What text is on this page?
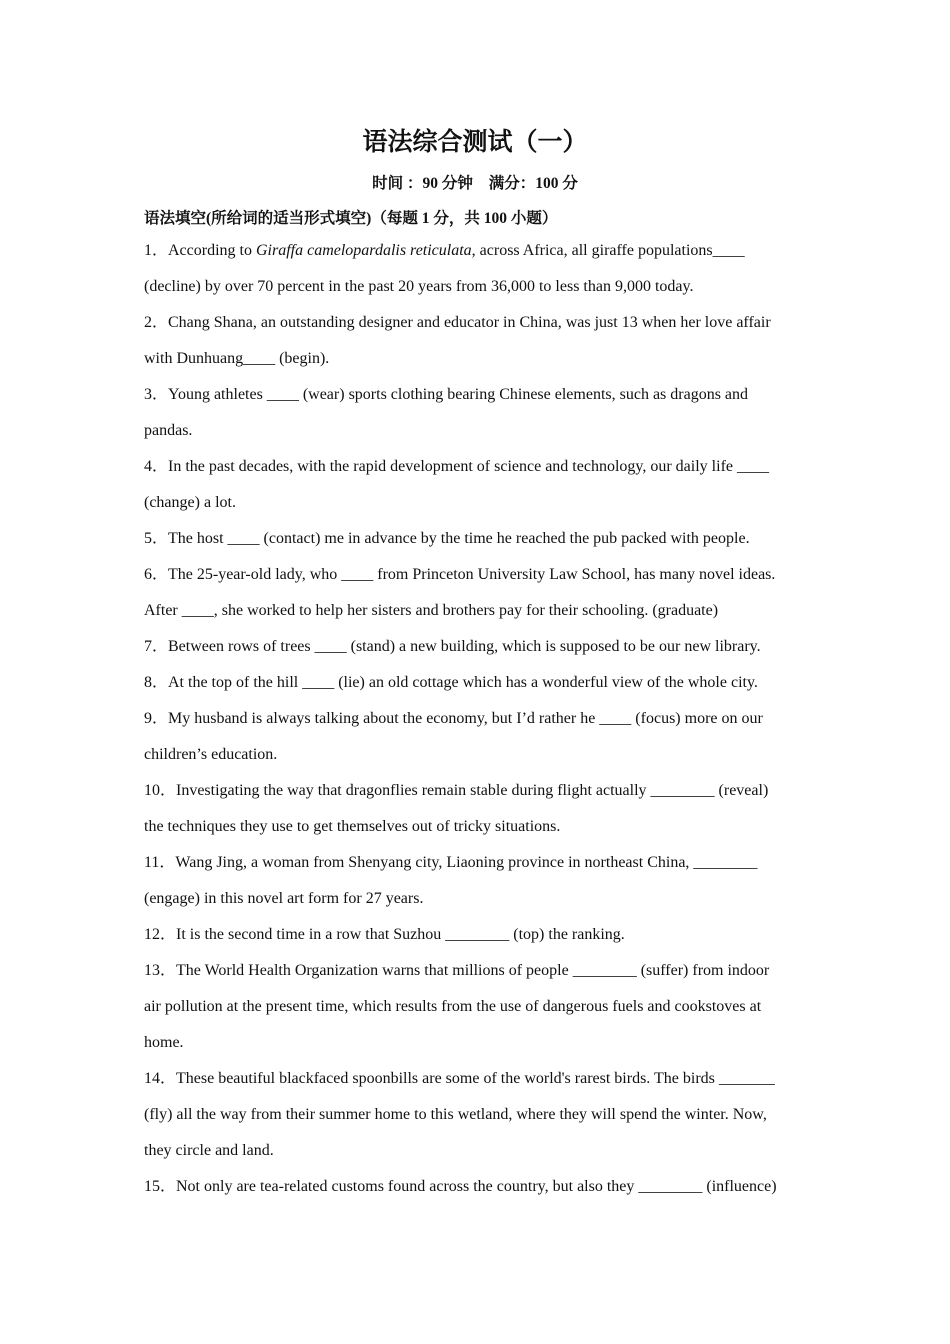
语法综合测试（一）
时间 ：90 分钟 满分：100 分
语法填空(所给词的适当形式填空)（每题 1 分，共 100 小题）
1．According to Giraffa camelopardalis reticulata, across Africa, all giraffe populations____
(decline) by over 70 percent in the past 20 years from 36,000 to less than 9,000 today.
2．Chang Shana, an outstanding designer and educator in China, was just 13 when her love affair
with Dunhuang____ (begin).
3．Young athletes ____ (wear) sports clothing bearing Chinese elements, such as dragons and
pandas.
4．In the past decades, with the rapid development of science and technology, our daily life ____
(change) a lot.
5．The host ____ (contact) me in advance by the time he reached the pub packed with people.
6．The 25-year-old lady, who ____ from Princeton University Law School, has many novel ideas.
After ____, she worked to help her sisters and brothers pay for their schooling. (graduate)
7．Between rows of trees ____ (stand) a new building, which is supposed to be our new library.
8．At the top of the hill ____ (lie) an old cottage which has a wonderful view of the whole city.
9．My husband is always talking about the economy, but I’d rather he ____ (focus) more on our
children’s education.
10．Investigating the way that dragonflies remain stable during flight actually ________ (reveal)
the techniques they use to get themselves out of tricky situations.
11．Wang Jing, a woman from Shenyang city, Liaoning province in northeast China, ________
(engage) in this novel art form for 27 years.
12．It is the second time in a row that Suzhou ________ (top) the ranking.
13．The World Health Organization warns that millions of people ________ (suffer) from indoor
air pollution at the present time, which results from the use of dangerous fuels and cookstoves at
home.
14．These beautiful blackfaced spoonbills are some of the world's rarest birds. The birds _______
(fly) all the way from their summer home to this wetland, where they will spend the winter. Now,
they circle and land.
15．Not only are tea-related customs found across the country, but also they ________ (influence)
